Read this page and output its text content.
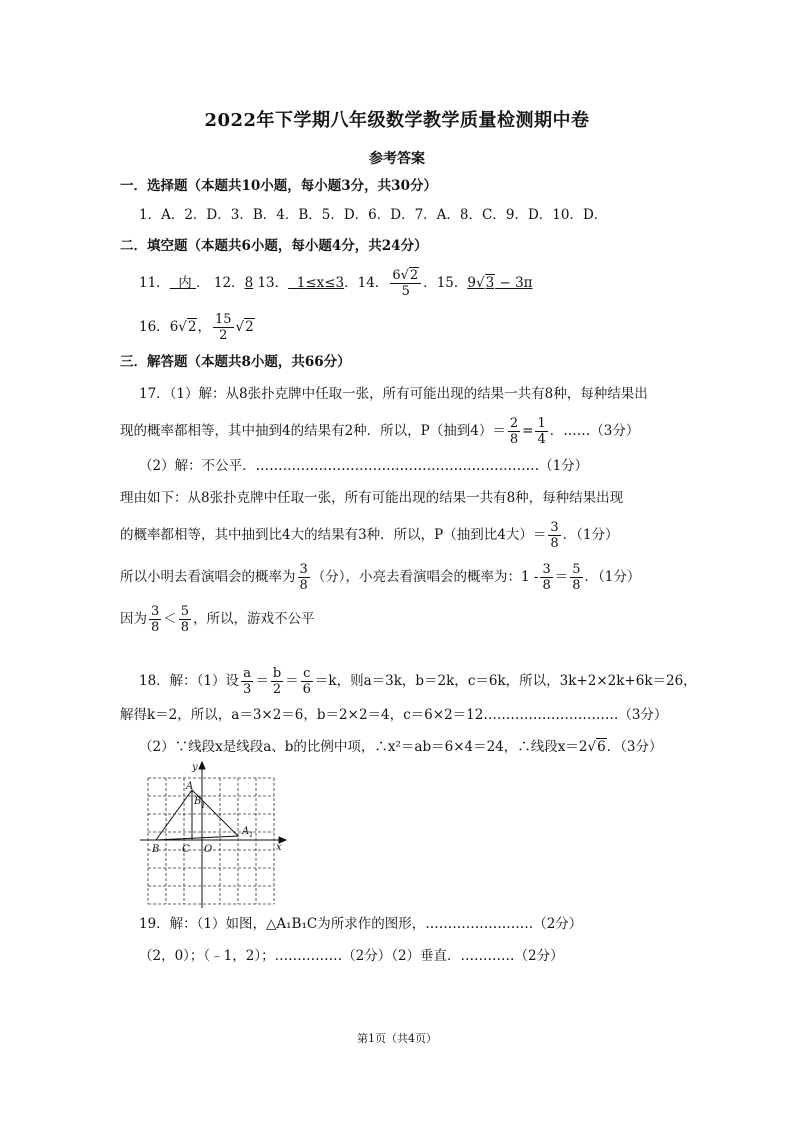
2022年下学期八年级数学教学质量检测期中卷
参考答案
一．选择题（本题共10小题，每小题3分，共30分）
1．A．2．D．3．B．4．B．5．D．6．D．7．A．8．C．9．D．10．D．
二．填空题（本题共6小题，每小题4分，共24分）
11． 内 ． 12．8 13． 1≤x≤3．14． $\frac{6√2}{5}$ ．15．9√3 − 3π
16．6√2， $\frac{15}{2} √2$
三．解答题（本题共8小题，共66分）
17．（1）解：从8张扑克牌中任取一张，所有可能出现的结果一共有8种，每种结果出
现的概率都相等，其中抽到4的结果有2种．所以，P（抽到$4)= \frac{2}{8} = \frac{1}{4}$ ．……（3分）
（2）解：不公平．………………………………………………………（1分）
理由如下：从8张扑克牌中任取一张，所有可能出现的结果一共有8种，每种结果出现
的概率都相等，其中抽到比4大的结果有3种．所以，P（抽到比4大）＝ $\frac{3}{8}$ ．（1分）
所以小明去看演唱会的概率为 $\frac{3}{8}$ （分），小亮去看演唱会的概率为：$1 - \frac{3}{8} = \frac{5}{8}$ ．（1分）
因为 $\frac{3}{8} < \frac{5}{8}$ ，所以，游戏不公平
18．解：（1）设 $\frac{a}{3} = \frac{b}{2} = \frac{c}{6} =k$，则a＝3k，b＝2k，c＝6k，所以，3k+2×2k+6k＝26，
解得k＝2，所以，a＝3×2＝6，b＝2×2＝4，c＝6×2＝12…………………………（3分）
（2）∵线段x是线段a、b的比例中项，∴x²＝ab＝6×4＝24，∴线段x＝2√6．（3分）
A
B 1
A 1
B C O	x
y
19．解：（1）如图，△A₁B₁C为所求作的图形，……………………（2分）
（2，0）；（﹣1，2）；……………（2分）（2）垂直．…………（2分）
第1页（共4页）
